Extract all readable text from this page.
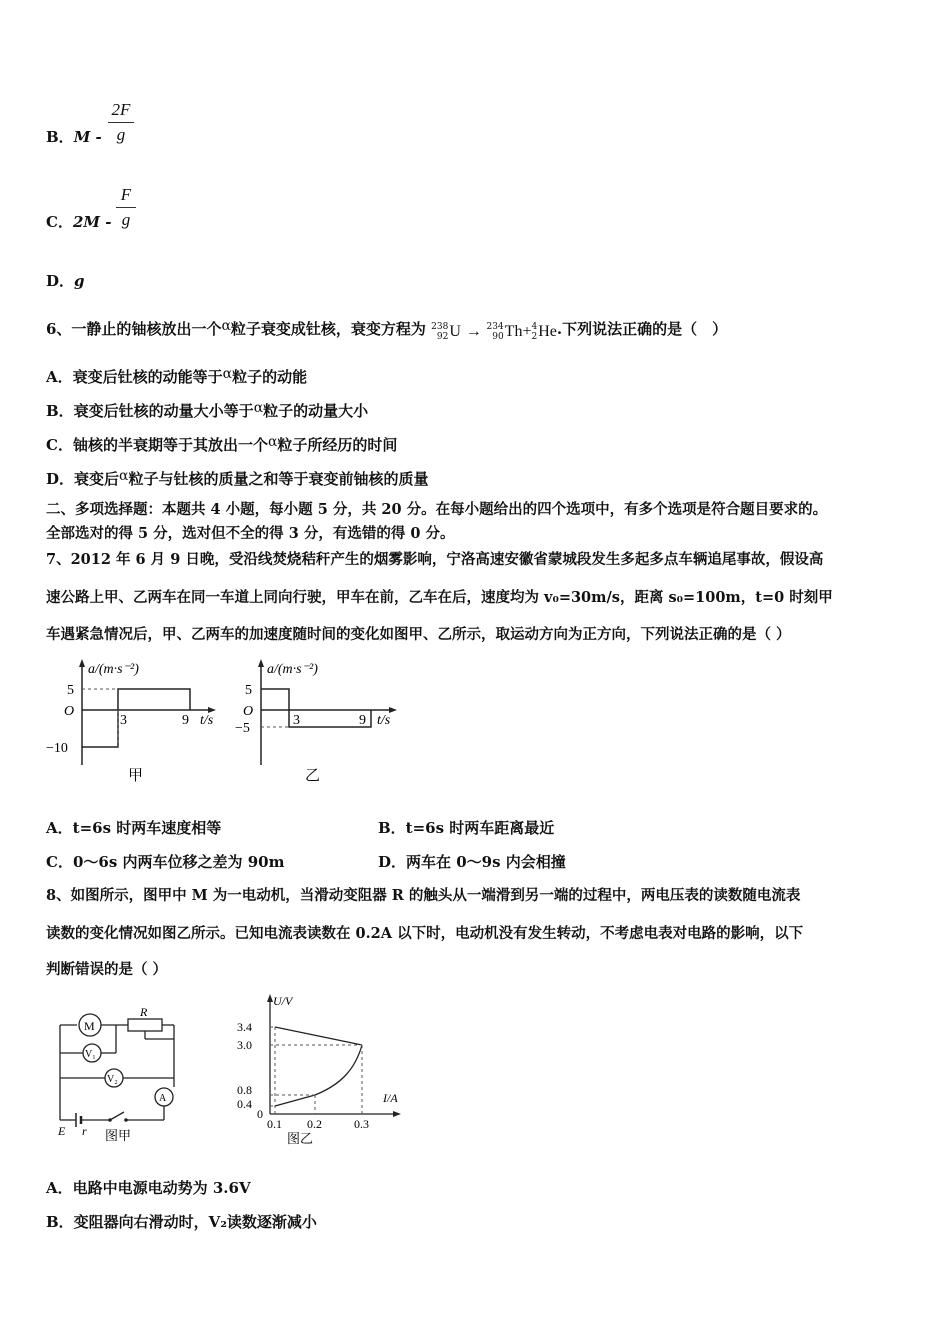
B．M -
2F
g
C．2M -
F
g
D．g
6、一静止的铀核放出一个α粒子衰变成钍核，衰变方程为 238
92 U → 234
90 Th+ 4
2 He.下列说法正确的是（　）
A．衰变后钍核的动能等于α粒子的动能
B．衰变后钍核的动量大小等于α粒子的动量大小
C．铀核的半衰期等于其放出一个α粒子所经历的时间
D．衰变后α粒子与钍核的质量之和等于衰变前铀核的质量
二、多项选择题：本题共 4 小题，每小题 5 分，共 20 分。在每小题给出的四个选项中，有多个选项是符合题目要求的。
全部选对的得 5 分，选对但不全的得 3 分，有选错的得 0 分。
7、2012 年 6 月 9 日晚，受沿线焚烧秸秆产生的烟雾影响，宁洛高速安徽省蒙城段发生多起多点车辆追尾事故，假设高
速公路上甲、乙两车在同一车道上同向行驶，甲车在前，乙车在后，速度均为 v₀=30m/s，距离 s₀=100m，t=0 时刻甲
车遇紧急情况后，甲、乙两车的加速度随时间的变化如图甲、乙所示，取运动方向为正方向，下列说法正确的是（ ）
a/(m·s⁻²)
5
−10
O
3	9 t/s
甲
a/(m·s⁻²)
5
−5
O
3	9 t/s
乙
A．t=6s 时两车速度相等	B．t=6s 时两车距离最近
C．0～6s 内两车位移之差为 90m	D．两车在 0～9s 内会相撞
8、如图所示，图甲中 M 为一电动机，当滑动变阻器 R 的触头从一端滑到另一端的过程中，两电压表的读数随电流表
读数的变化情况如图乙所示。已知电流表读数在 0.2A 以下时，电动机没有发生转动，不考虑电表对电路的影响，以下
判断错误的是（ ）
M
R
V₁
V₂
A
E r 图甲
U/V
I/A
3.4
3.0
0.8
0.4
0
0.1 0.2	0.3
图乙
A．电路中电源电动势为 3.6V
B．变阻器向右滑动时，V₂读数逐渐减小
